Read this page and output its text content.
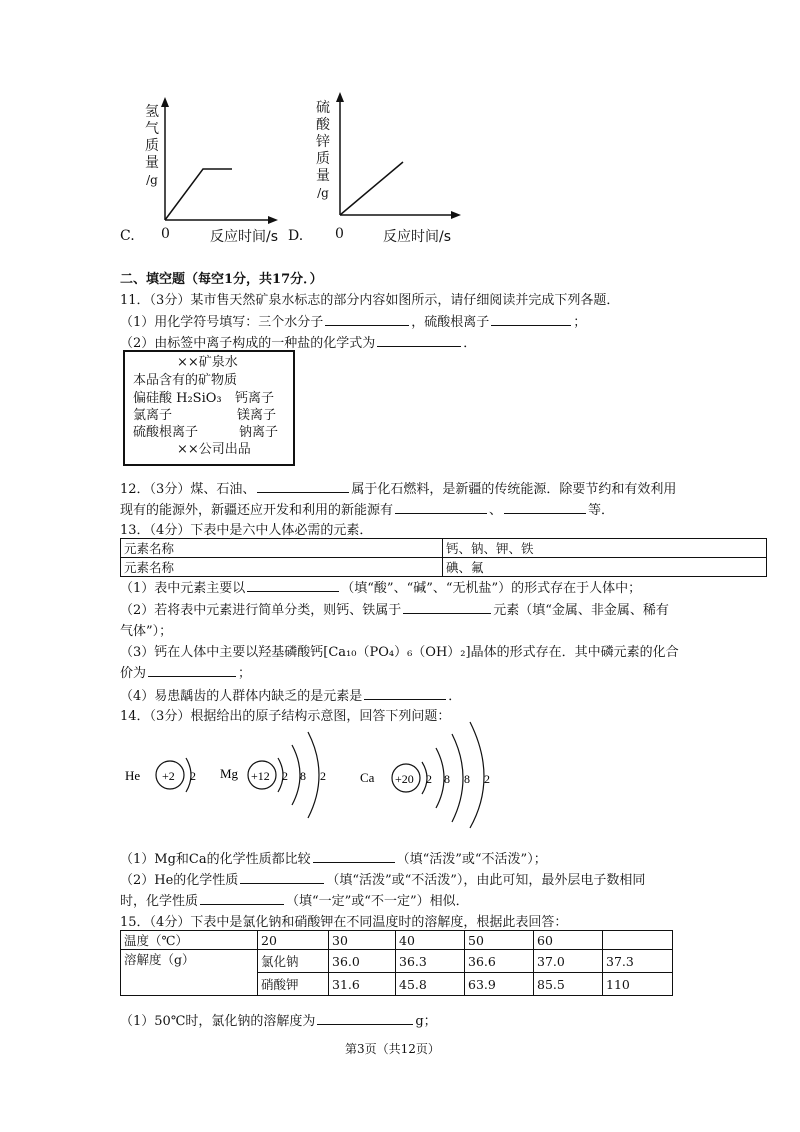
氢
气
质
量
/g
C. 0	反应时间/s
硫
酸
锌
质
量
/g
D. 0	反应时间/s
二、填空题（每空1分，共17分．）
11．（3分）某市售天然矿泉水标志的部分内容如图所示，请仔细阅读并完成下列各题．
（1）用化学符号填写：三个水分子	，硫酸根离子	；
（2）由标签中离子构成的一种盐的化学式为	．
××矿泉水
本品含有的矿物质
偏硅酸 H₂SiO₃ 钙离子
氯离子	镁离子
硫酸根离子	钠离子
××公司出品
12．（3分）煤、石油、	属于化石燃料，是新疆的传统能源．除要节约和有效利用
现有的能源外，新疆还应开发和利用的新能源有	、	等．
13．（4分）下表中是六中人体必需的元素．
元素名称	钙、钠、钾、铁
元素名称	碘、氟
（1）表中元素主要以	（填“酸”、“碱”、“无机盐”）的形式存在于人体中；
（2）若将表中元素进行简单分类，则钙、铁属于	元素（填“金属、非金属、稀有
气体”）；
（3）钙在人体中主要以羟基磷酸钙[Ca₁₀（PO₄）₆（OH）₂]晶体的形式存在．其中磷元素的化合
价为	；
（4）易患龋齿的人群体内缺乏的是元素是	．
14．（3分）根据给出的原子结构示意图，回答下列问题：
He +2 2 Mg +12 2 8 2	Ca +20 2 8 8 2
（1）Mg和Ca的化学性质都比较	（填“活泼”或“不活泼”）；
（2）He的化学性质	（填“活泼”或“不活泼”），由此可知，最外层电子数相同
时，化学性质	（填“一定”或“不一定”）相似．
15．（4分）下表中是氯化钠和硝酸钾在不同温度时的溶解度，根据此表回答：
温度（℃）	20	30	40	50	60	
溶解度（g）	氯化钠	36.0	36.3	36.6	37.0	37.3
	硝酸钾	31.6	45.8	63.9	85.5	110
（1）50℃时，氯化钠的溶解度为	g；
第3页（共12页）
